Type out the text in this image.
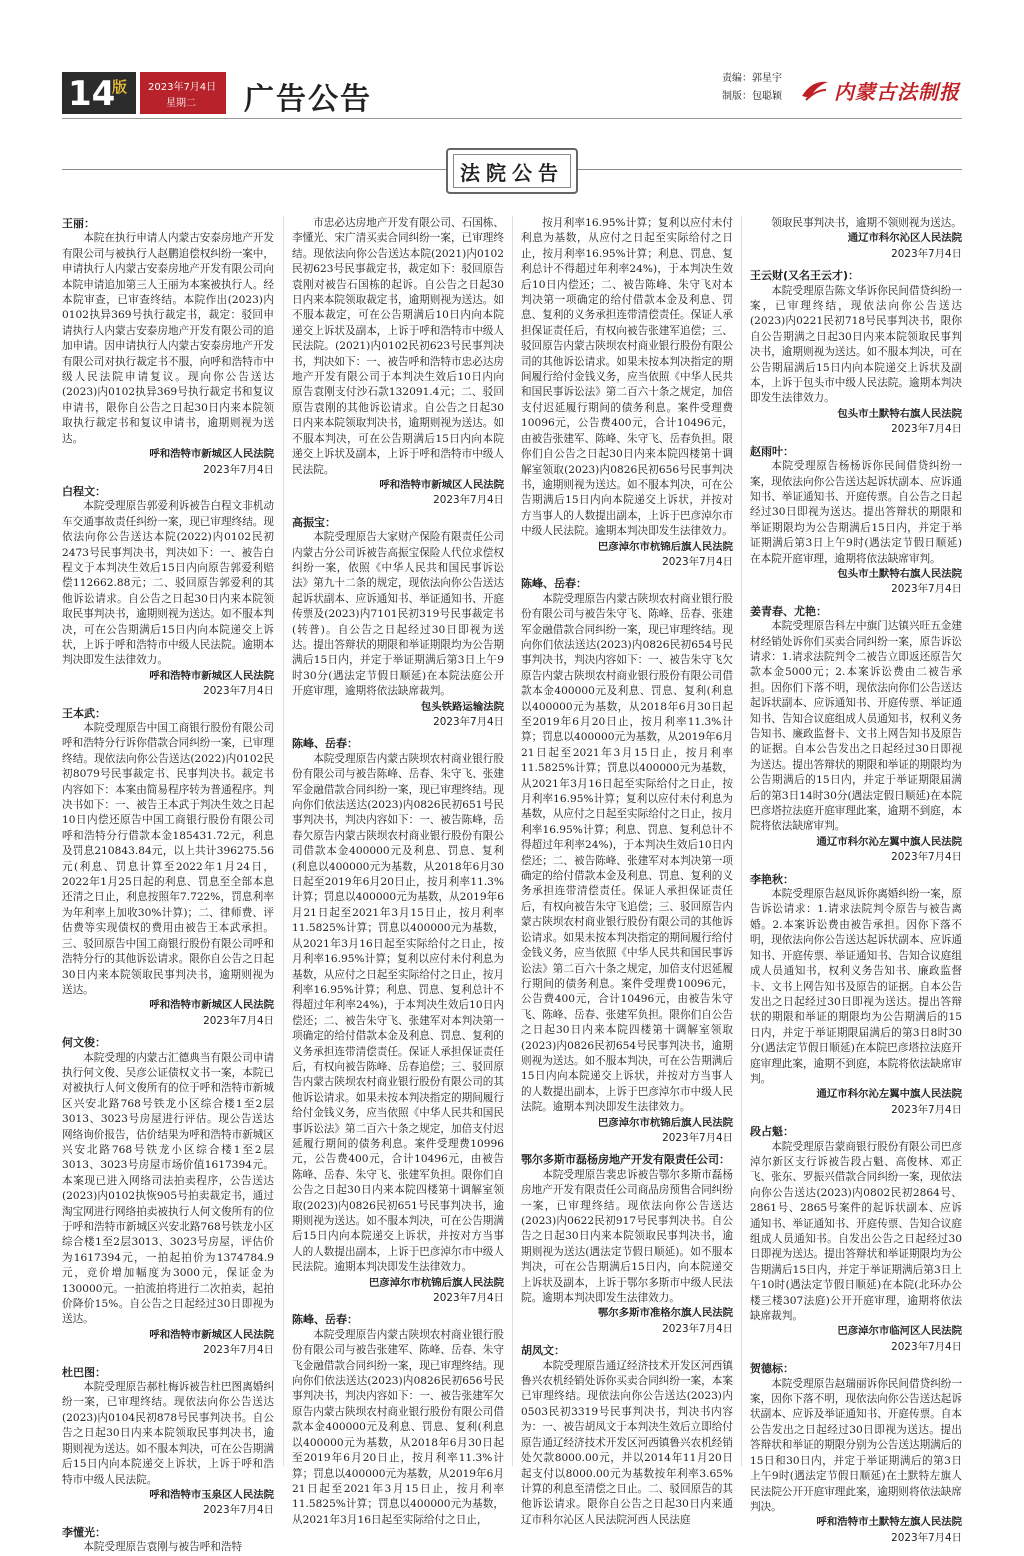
14
版 2023年7月4日
星期二 广告公告
责编：郭星宇
制版：包聪颖	内蒙古法制报
法院公告

王丽：

本院在执行申请人内蒙古安泰房地产开发有限公司与被执行人赵鹏追偿权纠纷一案中，申请执行人内蒙古安泰房地产开发有限公司向本院申请追加第三人王丽为本案被执行人。经本院审查，已审查终结。本院作出(2023)内0102执异369号执行裁定书，裁定：驳回申请执行人内蒙古安泰房地产开发有限公司的追加申请。因申请执行人内蒙古安泰房地产开发有限公司对执行裁定书不服，向呼和浩特市中级人民法院申请复议。现向你公告送达(2023)内0102执异369号执行裁定书和复议申请书，限你自公告之日起30日内来本院领取执行裁定书和复议申请书，逾期则视为送达。

呼和浩特市新城区人民法院

2023年7月4日

白程文：

本院受理原告郭爱利诉被告白程文非机动车交通事故责任纠纷一案，现已审理终结。现依法向你公告送达本院(2022)内0102民初2473号民事判决书，判决如下：一、被告白程文于本判决生效后15日内向原告郭爱利赔偿112662.88元；二、驳回原告郭爱利的其他诉讼请求。自公告之日起30日内来本院领取民事判决书，逾期则视为送达。如不服本判决，可在公告期满后15日内向本院递交上诉状，上诉于呼和浩特市中级人民法院。逾期本判决即发生法律效力。

呼和浩特市新城区人民法院

2023年7月4日

王本武：

本院受理原告中国工商银行股份有限公司呼和浩特分行诉你借款合同纠纷一案，已审理终结。现依法向你公告送达(2022)内0102民初8079号民事裁定书、民事判决书。裁定书内容如下：本案由简易程序转为普通程序。判决书如下：一、被告王本武于判决生效之日起10日内偿还原告中国工商银行股份有限公司呼和浩特分行借款本金185431.72元，利息及罚息210843.84元，以上共计396275.56元(利息、罚息计算至2022年1月24日，2022年1月25日起的利息、罚息至全部本息还清之日止，利息按照年7.722%，罚息利率为年利率上加收30%计算)；二、律师费、评估费等实现债权的费用由被告王本武承担。三、驳回原告中国工商银行股份有限公司呼和浩特分行的其他诉讼请求。限你自公告之日起30日内来本院领取民事判决书，逾期则视为送达。

呼和浩特市新城区人民法院

2023年7月4日

何文俊：

本院受理的内蒙古汇德典当有限公司申请执行何文俊、吴彦公证债权文书一案，本院已对被执行人何文俊所有的位于呼和浩特市新城区兴安北路768号铁龙小区综合楼1至2层3013、3023号房屋进行评估。现公告送达网络询价报告，估价结果为呼和浩特市新城区兴安北路768号铁龙小区综合楼1至2层3013、3023号房屋市场价值1617394元。本案现已进入网络司法拍卖程序，公告送达(2023)内0102执恢905号拍卖裁定书，通过淘宝网进行网络拍卖被执行人何文俊所有的位于呼和浩特市新城区兴安北路768号铁龙小区综合楼1至2层3013、3023号房屋，评估价为1617394元，一拍起拍价为1374784.9元，竞价增加幅度为3000元，保证金为130000元。一拍流拍将进行二次拍卖，起拍价降价15%。自公告之日起经过30日即视为送达。

呼和浩特市新城区人民法院

2023年7月4日

杜巴图：

本院受理原告郝杜梅诉被告杜巴图离婚纠纷一案，已审理终结。现依法向你公告送达(2023)内0104民初878号民事判决书。自公告之日起30日内来本院领取民事判决书，逾期则视为送达。如不服本判决，可在公告期满后15日内向本院递交上诉状，上诉于呼和浩特市中级人民法院。

呼和浩特市玉泉区人民法院

2023年7月4日

李懂光：

本院受理原告袁刚与被告呼和浩特

市忠必达房地产开发有限公司、石国栋、李懂光、宋广清买卖合同纠纷一案，已审理终结。现依法向你公告送达本院(2021)内0102民初623号民事裁定书，裁定如下：驳回原告袁刚对被告石国栋的起诉。自公告之日起30日内来本院领取裁定书，逾期则视为送达。如不服本裁定，可在公告期满后10日内向本院递交上诉状及副本，上诉于呼和浩特市中级人民法院。(2021)内0102民初623号民事判决书，判决如下：一、被告呼和浩特市忠必达房地产开发有限公司于本判决生效后10日内向原告袁刚支付沙石款132091.4元；二、驳回原告袁刚的其他诉讼请求。自公告之日起30日内来本院领取判决书，逾期则视为送达。如不服本判决，可在公告期满后15日内向本院递交上诉状及副本，上诉于呼和浩特市中级人民法院。

呼和浩特市新城区人民法院

2023年7月4日

高振宝：

本院受理原告大家财产保险有限责任公司内蒙古分公司诉被告高振宝保险人代位求偿权纠纷一案，依照《中华人民共和国民事诉讼法》第九十二条的规定，现依法向你公告送达起诉状副本、应诉通知书、举证通知书、开庭传票及(2023)内7101民初319号民事裁定书(转普)。自公告之日起经过30日即视为送达。提出答辩状的期限和举证期限均为公告期满后15日内，并定于举证期满后第3日上午9时30分(遇法定节假日顺延)在本院法庭公开开庭审理，逾期将依法缺席裁判。

包头铁路运输法院

2023年7月4日

陈峰、岳春：

本院受理原告内蒙古陕坝农村商业银行股份有限公司与被告陈峰、岳春、朱守飞、张建军金融借款合同纠纷一案，现已审理终结。现向你们依法送达(2023)内0826民初651号民事判决书，判决内容如下：一、被告陈峰，岳春欠原告内蒙古陕坝农村商业银行股份有限公司借款本金400000元及利息、罚息、复利(利息以400000元为基数，从2018年6月30日起至2019年6月20日止，按月利率11.3%计算；罚息以400000元为基数，从2019年6月21日起至2021年3月15日止，按月利率11.5825%计算；罚息以400000元为基数，从2021年3月16日起至实际给付之日止，按月利率16.95%计算；复利以应付未付利息为基数，从应付之日起至实际给付之日止，按月利率16.95%计算；利息、罚息、复利总计不得超过年利率24%)，于本判决生效后10日内偿还；二、被告朱守飞、张建军对本判决第一项确定的给付借款本金及利息、罚息、复利的义务承担连带清偿责任。保证人承担保证责任后，有权向被告陈峰、岳春追偿；三、驳回原告内蒙古陕坝农村商业银行股份有限公司的其他诉讼请求。如果未按本判决指定的期间履行给付金钱义务，应当依照《中华人民共和国民事诉讼法》第二百六十条之规定，加倍支付迟延履行期间的债务利息。案件受理费10996元，公告费400元，合计10496元，由被告陈峰、岳春、朱守飞、张建军负担。限你们自公告之日起30日内来本院四楼第十调解室领取(2023)内0826民初651号民事判决书，逾期则视为送达。如不服本判决，可在公告期满后15日内向本院递交上诉状，并按对方当事人的人数提出副本，上诉于巴彦淖尔市中级人民法院。逾期本判决即发生法律效力。

巴彦淖尔市杭锦后旗人民法院

2023年7月4日

陈峰、岳春：

本院受理原告内蒙古陕坝农村商业银行股份有限公司与被告张建军、陈峰、岳春、朱守飞金融借款合同纠纷一案，现已审理终结。现向你们依法送达(2023)内0826民初656号民事判决书，判决内容如下：一、被告张建军欠原告内蒙古陕坝农村商业银行股份有限公司借款本金400000元及利息、罚息、复利(利息以400000元为基数，从2018年6月30日起至2019年6月20日止，按月利率11.3%计算；罚息以400000元为基数，从2019年6月21日起至2021年3月15日止，按月利率11.5825%计算；罚息以400000元为基数，从2021年3月16日起至实际给付之日止，

按月利率16.95%计算；复利以应付未付利息为基数，从应付之日起至实际给付之日止，按月利率16.95%计算；利息、罚息、复利总计不得超过年利率24%)，于本判决生效后10日内偿还；二、被告陈峰、朱守飞对本判决第一项确定的给付借款本金及利息、罚息、复利的义务承担连带清偿责任。保证人承担保证责任后，有权向被告张建军追偿；三、驳回原告内蒙古陕坝农村商业银行股份有限公司的其他诉讼请求。如果未按本判决指定的期间履行给付金钱义务，应当依照《中华人民共和国民事诉讼法》第二百六十条之规定，加倍支付迟延履行期间的债务利息。案件受理费10096元，公告费400元，合计10496元，由被告张建军、陈峰、朱守飞、岳春负担。限你们自公告之日起30日内来本院四楼第十调解室领取(2023)内0826民初656号民事判决书，逾期则视为送达。如不服本判决，可在公告期满后15日内向本院递交上诉状，并按对方当事人的人数提出副本，上诉于巴彦淖尔市中级人民法院。逾期本判决即发生法律效力。

巴彦淖尔市杭锦后旗人民法院

2023年7月4日

陈峰、岳春：

本院受理原告内蒙古陕坝农村商业银行股份有限公司与被告朱守飞、陈峰、岳春、张建军金融借款合同纠纷一案，现已审理终结。现向你们依法送达(2023)内0826民初654号民事判决书，判决内容如下：一、被告朱守飞欠原告内蒙古陕坝农村商业银行股份有限公司借款本金400000元及利息、罚息、复利(利息以400000元为基数，从2018年6月30日起至2019年6月20日止，按月利率11.3%计算；罚息以400000元为基数，从2019年6月21日起至2021年3月15日止，按月利率11.5825%计算；罚息以400000元为基数，从2021年3月16日起至实际给付之日止，按月利率16.95%计算；复利以应付未付利息为基数，从应付之日起至实际给付之日止，按月利率16.95%计算；利息、罚息、复利总计不得超过年利率24%)，于本判决生效后10日内偿还；二、被告陈峰、张建军对本判决第一项确定的给付借款本金及利息、罚息、复利的义务承担连带清偿责任。保证人承担保证责任后，有权向被告朱守飞追偿；三、驳回原告内蒙古陕坝农村商业银行股份有限公司的其他诉讼请求。如果未按本判决指定的期间履行给付金钱义务，应当依照《中华人民共和国民事诉讼法》第二百六十条之规定，加倍支付迟延履行期间的债务利息。案件受理费10096元，公告费400元，合计10496元，由被告朱守飞、陈峰、岳春、张建军负担。限你们自公告之日起30日内来本院四楼第十调解室领取(2023)内0826民初654号民事判决书，逾期则视为送达。如不服本判决，可在公告期满后15日内向本院递交上诉状，并按对方当事人的人数提出副本，上诉于巴彦淖尔市中级人民法院。逾期本判决即发生法律效力。

巴彦淖尔市杭锦后旗人民法院

2023年7月4日

鄂尔多斯市磊杨房地产开发有限责任公司：

本院受理原告裴忠诉被告鄂尔多斯市磊杨房地产开发有限责任公司商品房预售合同纠纷一案，已审理终结。现依法向你公告送达(2023)内0622民初917号民事判决书。自公告之日起30日内来本院领取民事判决书，逾期则视为送达(遇法定节假日顺延)。如不服本判决，可在公告期满后15日内，向本院递交上诉状及副本，上诉于鄂尔多斯市中级人民法院。逾期本判决即发生法律效力。

鄂尔多斯市准格尔旗人民法院

2023年7月4日

胡凤文：

本院受理原告通辽经济技术开发区河西镇鲁兴农机经销处诉你买卖合同纠纷一案，本案已审理终结。现依法向你公告送达(2023)内0503民初3319号民事判决书，判决书内容为：一、被告胡凤文于本判决生效后立即给付原告通辽经济技术开发区河西镇鲁兴农机经销处欠款8000.00元，并以2014年11月20日起支付以8000.00元为基数按年利率3.65%计算的利息至清偿之日止。二、驳回原告的其他诉讼请求。限你自公告之日起30日内来通辽市科尔沁区人民法院河西人民法庭

领取民事判决书，逾期不领则视为送达。

通辽市科尔沁区人民法院

2023年7月4日

王云财(又名王云才)：

本院受理原告陈文华诉你民间借贷纠纷一案，已审理终结，现依法向你公告送达(2023)内0221民初718号民事判决书，限你自公告期满之日起30日内来本院领取民事判决书，逾期则视为送达。如不服本判决，可在公告期届满后15日内向本院递交上诉状及副本，上诉于包头市中级人民法院。逾期本判决即发生法律效力。

包头市土默特右旗人民法院

2023年7月4日

赵雨叶：

本院受理原告杨杨诉你民间借贷纠纷一案，现依法向你公告送达起诉状副本、应诉通知书、举证通知书、开庭传票。自公告之日起经过30日即视为送达。提出答辩状的期限和举证期限均为公告期满后15日内，并定于举证期满后第3日上午9时(遇法定节假日顺延)在本院开庭审理，逾期将依法缺席审判。

包头市土默特右旗人民法院

2023年7月4日

姜青春、尤艳：

本院受理原告科左中旗门达镇兴旺五金建材经销处诉你们买卖合同纠纷一案，原告诉讼请求：1.请求法院判令二被告立即返还原告欠款本金5000元；2.本案诉讼费由二被告承担。因你们下落不明，现依法向你们公告送达起诉状副本、应诉通知书、开庭传票、举证通知书、告知合议庭组成人员通知书，权利义务告知书、廉政监督卡、文书上网告知书及原告的证据。自本公告发出之日起经过30日即视为送达。提出答辩状的期限和举证的期限均为公告期满后的15日内，并定于举证期限届满后的第3日14时30分(遇法定假日顺延)在本院巴彦塔拉法庭开庭审理此案，逾期不到庭，本院将依法缺席审判。

通辽市科尔沁左翼中旗人民法院

2023年7月4日

李艳秋：

本院受理原告赵凤诉你离婚纠纷一案，原告诉讼请求：1.请求法院判令原告与被告离婚。2.本案诉讼费由被告承担。因你下落不明，现依法向你公告送达起诉状副本、应诉通知书、开庭传票、举证通知书、告知合议庭组成人员通知书，权利义务告知书、廉政监督卡、文书上网告知书及原告的证据。自本公告发出之日起经过30日即视为送达。提出答辩状的期限和举证的期限均为公告期满后的15日内，并定于举证期限届满后的第3日8时30分(遇法定节假日顺延)在本院巴彦塔拉法庭开庭审理此案，逾期不到庭，本院将依法缺席审判。

通辽市科尔沁左翼中旗人民法院

2023年7月4日

段占魁：

本院受理原告蒙商银行股份有限公司巴彦淖尔新区支行诉被告段占魁、高俊林、邓正飞、张东、罗振兴借款合同纠纷一案，现依法向你公告送达(2023)内0802民初2864号、2861号、2865号案件的起诉状副本、应诉通知书、举证通知书、开庭传票、告知合议庭组成人员通知书。自发出公告之日起经过30日即视为送达。提出答辩状和举证期限均为公告期满后15日内，并定于举证期满后第3日上午10时(遇法定节假日顺延)在本院(北环办公楼三楼307法庭)公开开庭审理，逾期将依法缺席裁判。

巴彦淖尔市临河区人民法院

2023年7月4日

贺德标：

本院受理原告赵瑞丽诉你民间借贷纠纷一案，因你下落不明，现依法向你公告送达起诉状副本、应诉及举证通知书、开庭传票。自本公告发出之日起经过30日即视为送达。提出答辩状和举证的期限分别为公告送达期满后的15日和30日内，并定于举证期满后的第3日上午9时(遇法定节假日顺延)在土默特左旗人民法院公开开庭审理此案，逾期则将依法缺席判决。

呼和浩特市土默特左旗人民法院

2023年7月4日
